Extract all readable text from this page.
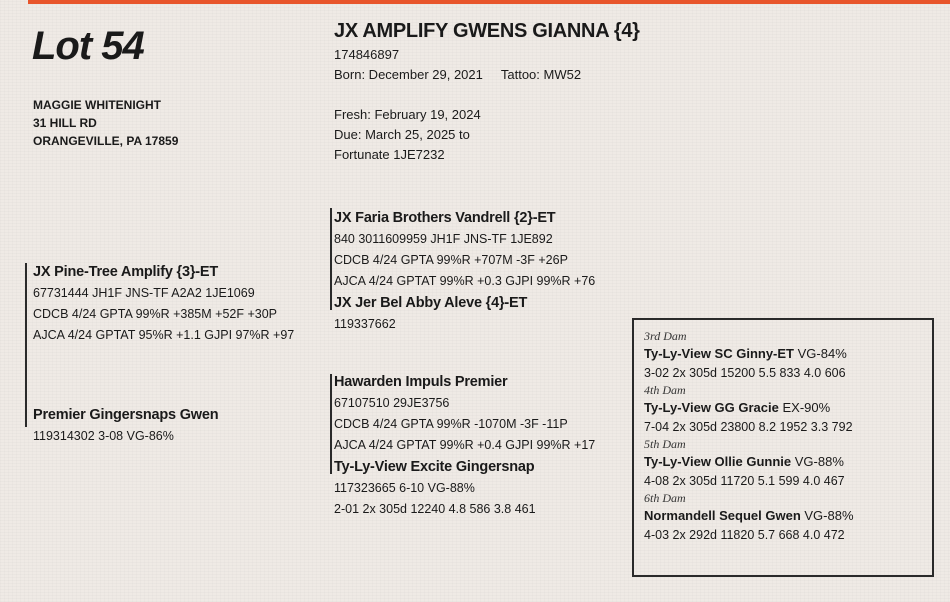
Lot 54
MAGGIE WHITENIGHT
31 HILL RD
ORANGEVILLE, PA 17859
JX AMPLIFY GWENS GIANNA {4}
174846897
Born: December 29, 2021 Tattoo: MW52
Fresh: February 19, 2024
Due: March 25, 2025 to
Fortunate 1JE7232
JX Pine-Tree Amplify {3}-ET
67731444 JH1F JNS-TF A2A2 1JE1069
CDCB 4/24 GPTA 99%R +385M +52F +30P
AJCA 4/24 GPTAT 95%R +1.1 GJPI 97%R +97
Premier Gingersnaps Gwen
119314302 3-08 VG-86%
JX Faria Brothers Vandrell {2}-ET
840 3011609959 JH1F JNS-TF 1JE892
CDCB 4/24 GPTA 99%R +707M -3F +26P
AJCA 4/24 GPTAT 99%R +0.3 GJPI 99%R +76
JX Jer Bel Abby Aleve {4}-ET
119337662
Hawarden Impuls Premier
67107510 29JE3756
CDCB 4/24 GPTA 99%R -1070M -3F -11P
AJCA 4/24 GPTAT 99%R +0.4 GJPI 99%R +17
Ty-Ly-View Excite Gingersnap
117323665 6-10 VG-88%
2-01 2x 305d 12240 4.8 586 3.8 461
3rd Dam
Ty-Ly-View SC Ginny-ET VG-84%
3-02 2x 305d 15200 5.5 833 4.0 606
4th Dam
Ty-Ly-View GG Gracie EX-90%
7-04 2x 305d 23800 8.2 1952 3.3 792
5th Dam
Ty-Ly-View Ollie Gunnie VG-88%
4-08 2x 305d 11720 5.1 599 4.0 467
6th Dam
Normandell Sequel Gwen VG-88%
4-03 2x 292d 11820 5.7 668 4.0 472
